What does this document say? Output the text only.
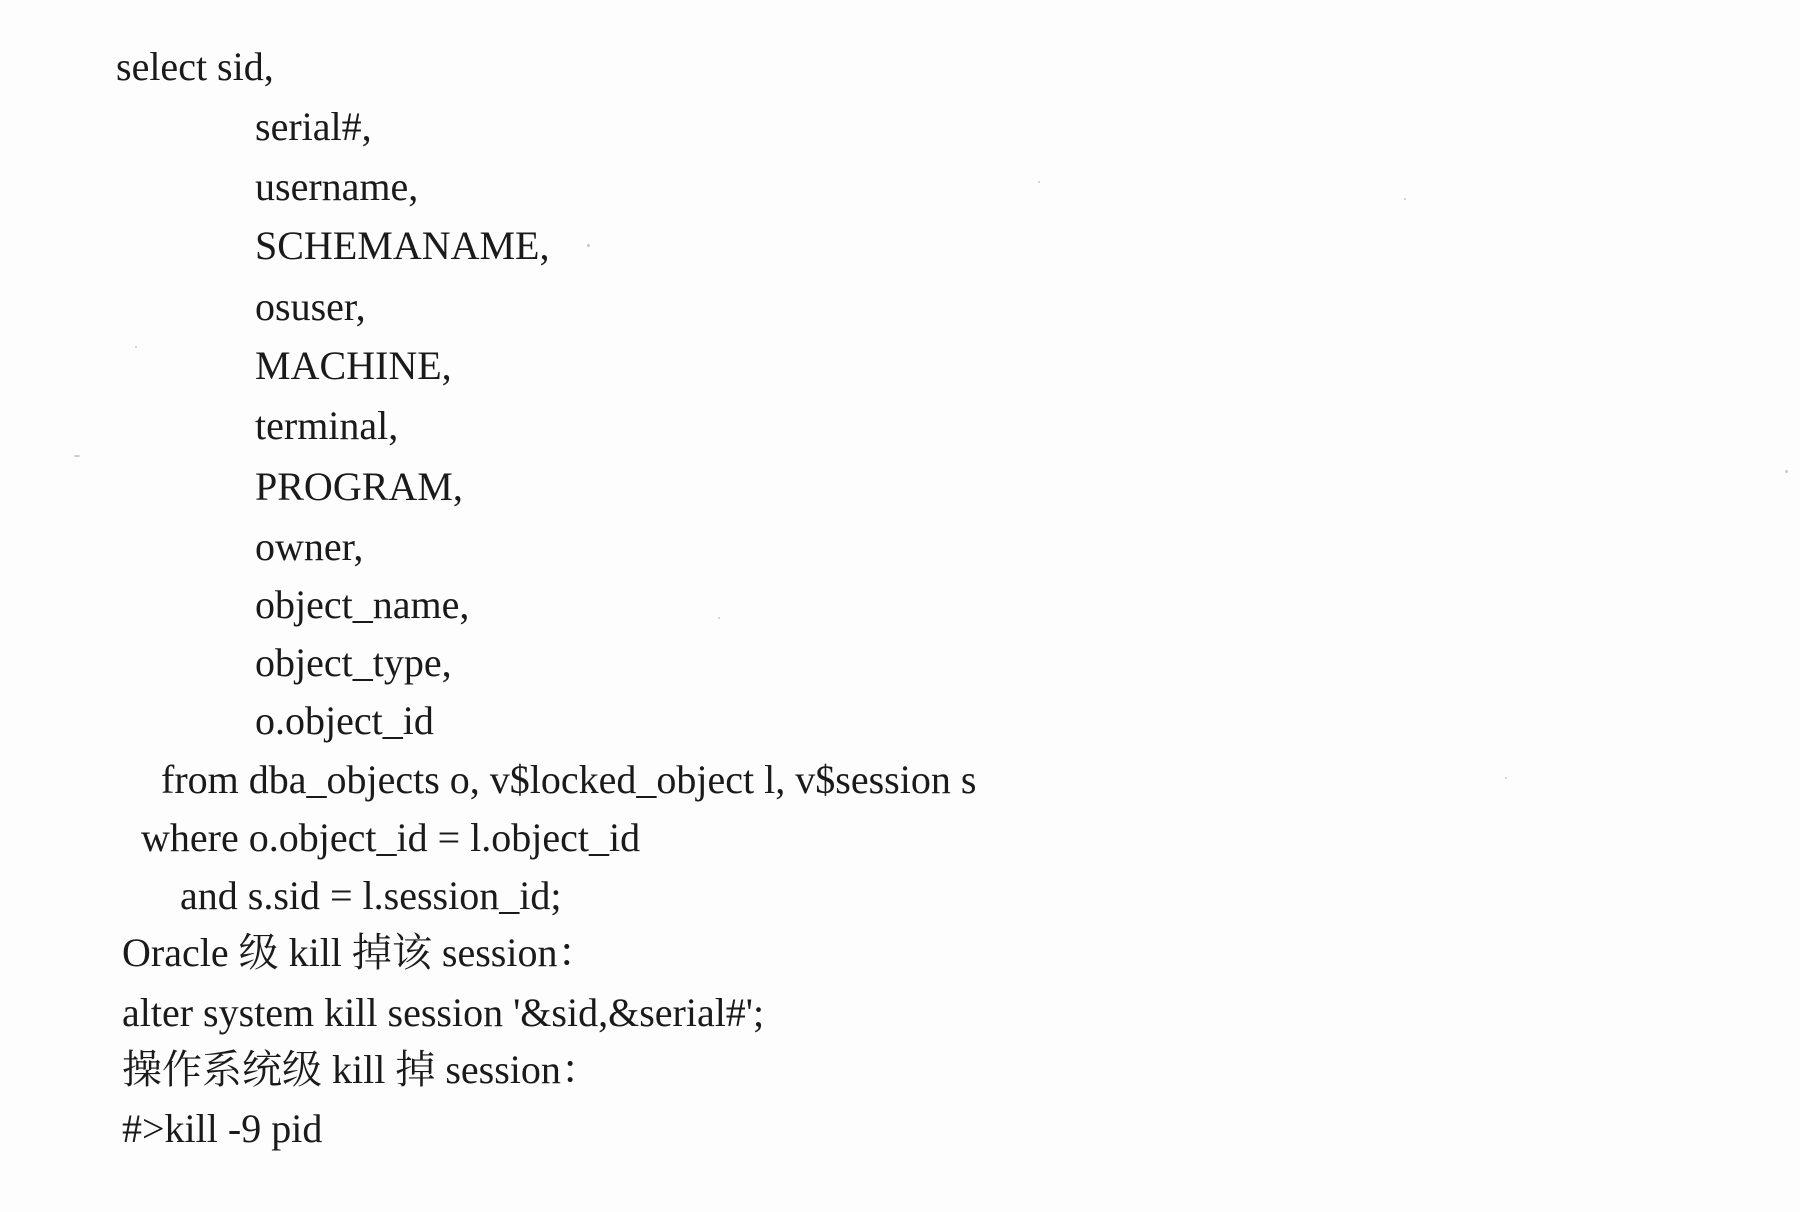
select sid,
serial#,
username,
SCHEMANAME,
osuser,
MACHINE,
terminal,
PROGRAM,
owner,
object_name,
object_type,
o.object_id
from dba_objects o, v$locked_object l, v$session s
where o.object_id = l.object_id
and s.sid = l.session_id;
Oracle 级 kill 掉该 session：
alter system kill session '&sid,&serial#';
操作系统级 kill 掉 session：
#>kill -9 pid
